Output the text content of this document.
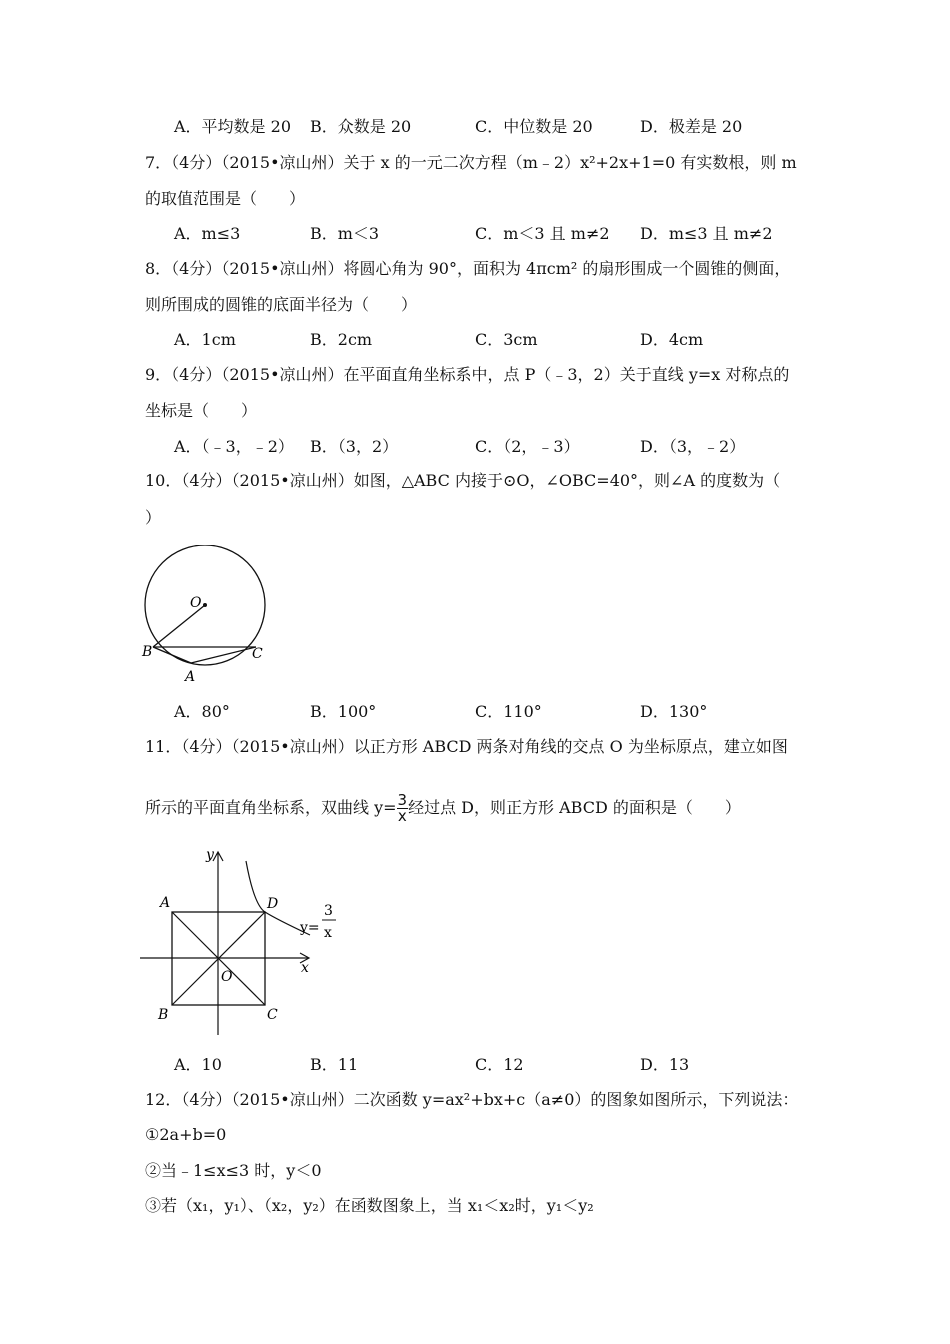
A．平均数是 20 B．众数是 20	C．中位数是 20	D．极差是 20
7．（4分）（2015•凉山州）关于 x 的一元二次方程（m﹣2）x²+2x+1=0 有实数根，则 m
的取值范围是（　　）
A．m≤3	B．m＜3	C．m＜3 且 m≠2 D．m≤3 且 m≠2
8．（4分）（2015•凉山州）将圆心角为 90°，面积为 4πcm² 的扇形围成一个圆锥的侧面，
则所围成的圆锥的底面半径为（　　）
A．1cm	B．2cm	C．3cm	D．4cm
9．（4分）（2015•凉山州）在平面直角坐标系中，点 P（﹣3，2）关于直线 y=x 对称点的
坐标是（　　）
A．（﹣3，﹣2） B．（3，2）	C．（2，﹣3）	D．（3，﹣2）
10．（4分）（2015•凉山州）如图，△ABC 内接于⊙O，∠OBC=40°，则∠A 的度数为（
）
O
B	C
A
A．80°	B．100°	C．110°	D．130°
11．（4分）（2015•凉山州）以正方形 ABCD 两条对角线的交点 O 为坐标原点，建立如图
所示的平面直角坐标系，双曲线 $y= \frac{3}{x}$ 经过点 D，则正方形 ABCD 的面积是（　　）
y
x
A	D
B	C
O
y=
3
x
A．10	B．11	C．12	D．13
12．（4分）（2015•凉山州）二次函数 y=ax²+bx+c（a≠0）的图象如图所示，下列说法：
①2a+b=0
②当﹣1≤x≤3 时，y＜0
③若（x₁，y₁）、（x₂，y₂）在函数图象上，当 x₁＜x₂时，y₁＜y₂
